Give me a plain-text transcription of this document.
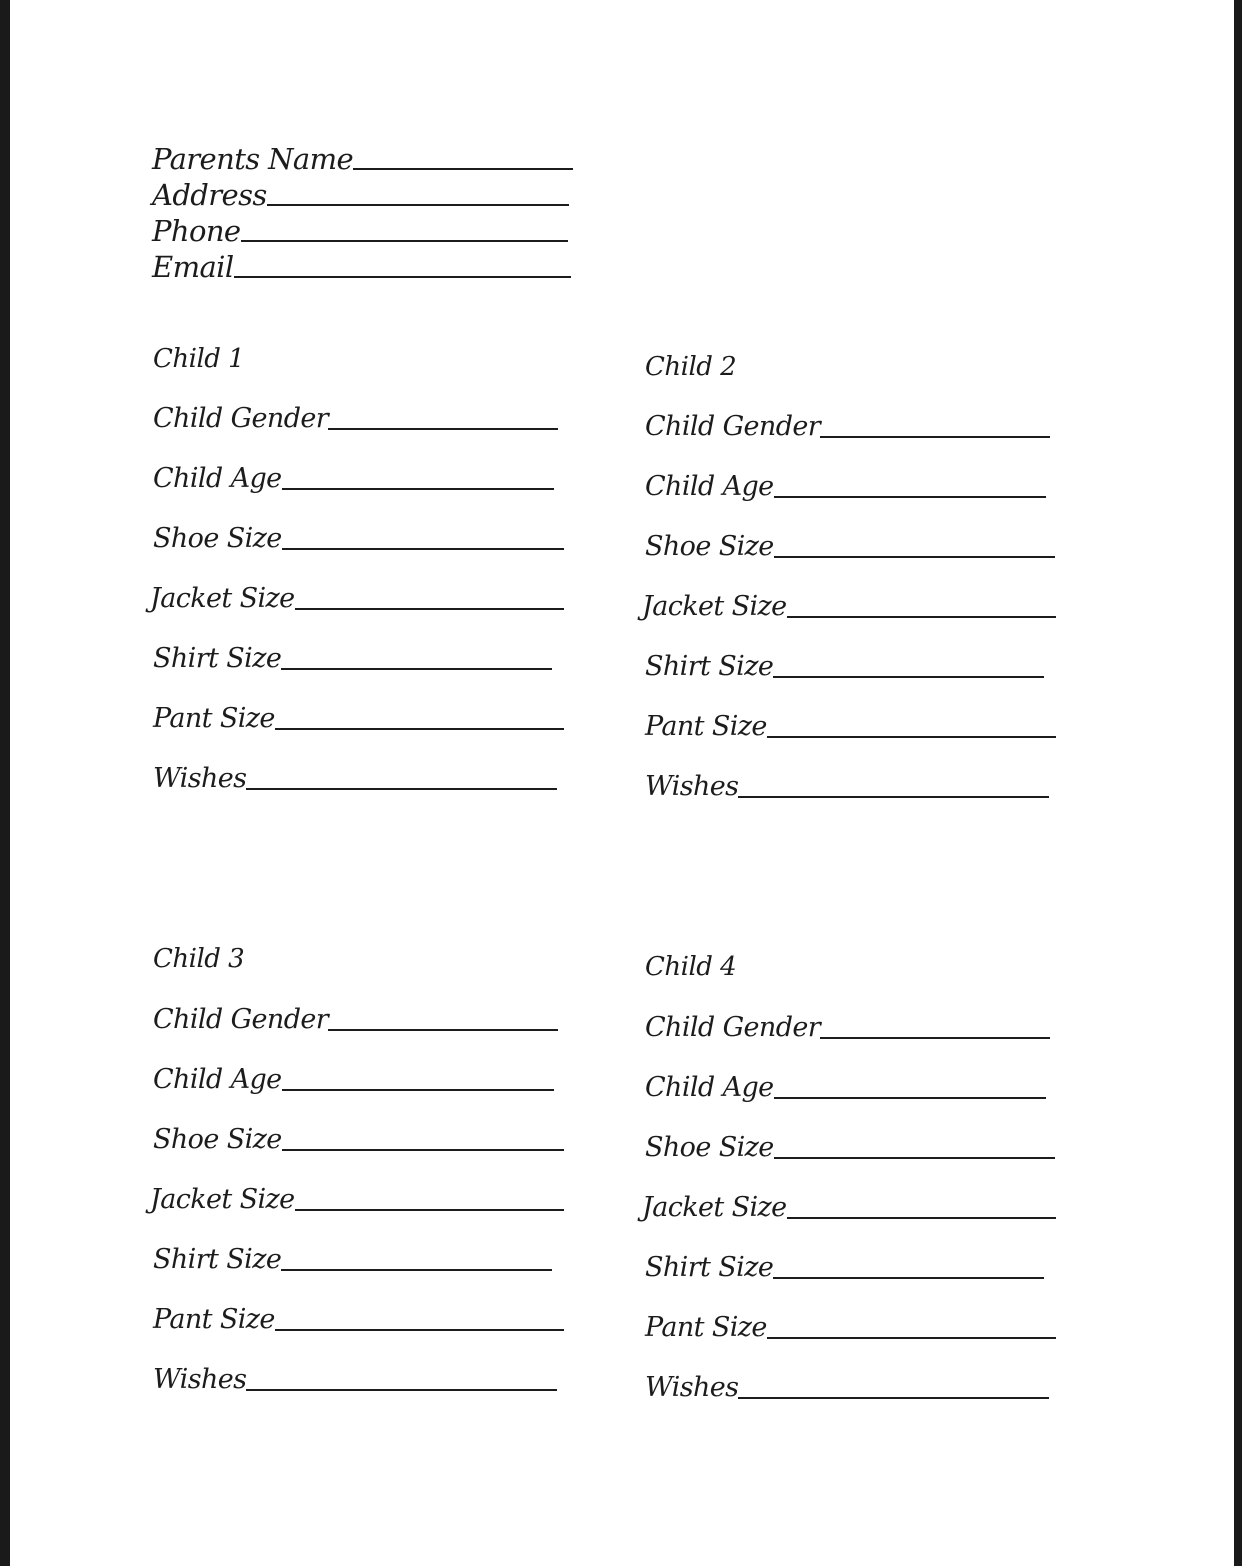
Parents Name
Address
Phone
Email
Child 1
Child Gender
Child Age
Shoe Size
Jacket Size
Shirt Size
Pant Size
Wishes
Child 2
Child Gender
Child Age
Shoe Size
Jacket Size
Shirt Size
Pant Size
Wishes
Child 3
Child Gender
Child Age
Shoe Size
Jacket Size
Shirt Size
Pant Size
Wishes
Child 4
Child Gender
Child Age
Shoe Size
Jacket Size
Shirt Size
Pant Size
Wishes
